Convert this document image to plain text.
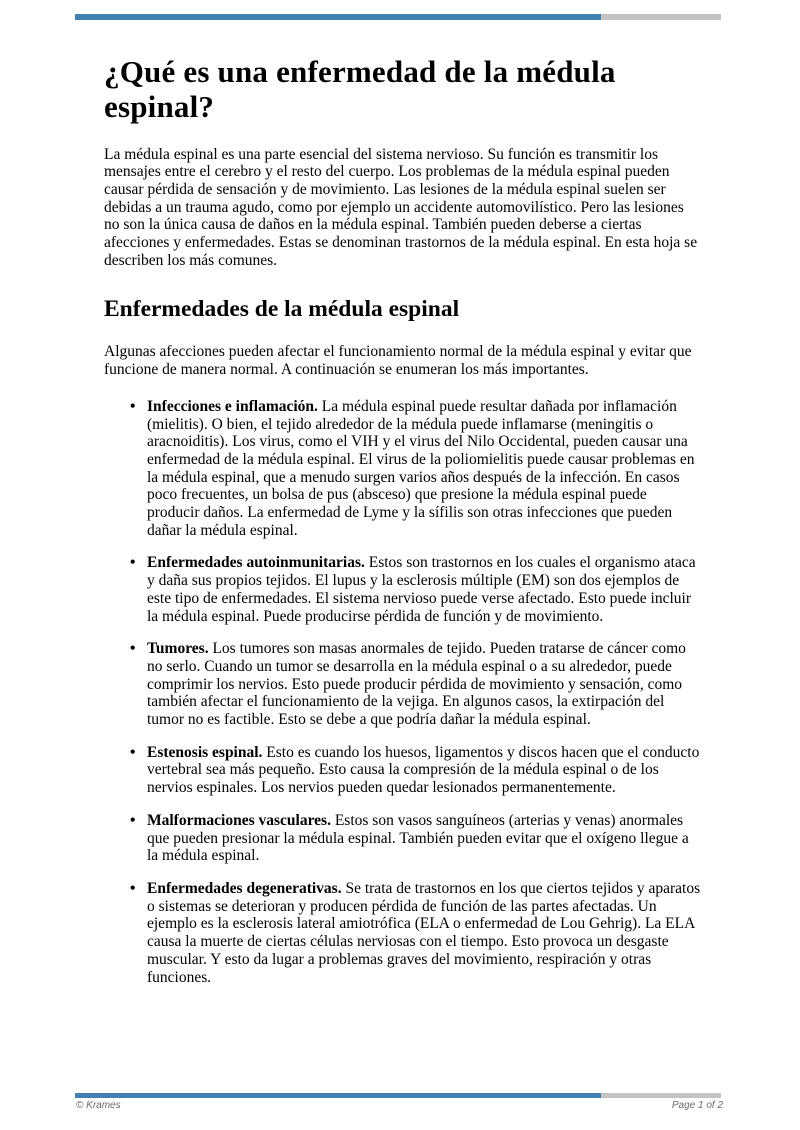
¿Qué es una enfermedad de la médula espinal?

La médula espinal es una parte esencial del sistema nervioso. Su función es transmitir los mensajes entre el cerebro y el resto del cuerpo. Los problemas de la médula espinal pueden causar pérdida de sensación y de movimiento. Las lesiones de la médula espinal suelen ser debidas a un trauma agudo, como por ejemplo un accidente automovilístico. Pero las lesiones no son la única causa de daños en la médula espinal. También pueden deberse a ciertas afecciones y enfermedades. Estas se denominan trastornos de la médula espinal. En esta hoja se describen los más comunes.

Enfermedades de la médula espinal

Algunas afecciones pueden afectar el funcionamiento normal de la médula espinal y evitar que funcione de manera normal. A continuación se enumeran los más importantes.

•
Infecciones e inflamación. La médula espinal puede resultar dañada por inflamación (mielitis). O bien, el tejido alrededor de la médula puede inflamarse (meningitis o aracnoiditis). Los virus, como el VIH y el virus del Nilo Occidental, pueden causar una enfermedad de la médula espinal. El virus de la poliomielitis puede causar problemas en la médula espinal, que a menudo surgen varios años después de la infección. En casos poco frecuentes, un bolsa de pus (absceso) que presione la médula espinal puede producir daños. La enfermedad de Lyme y la sífilis son otras infecciones que pueden dañar la médula espinal.
•
Enfermedades autoinmunitarias. Estos son trastornos en los cuales el organismo ataca y daña sus propios tejidos. El lupus y la esclerosis múltiple (EM) son dos ejemplos de este tipo de enfermedades. El sistema nervioso puede verse afectado. Esto puede incluir la médula espinal. Puede producirse pérdida de función y de movimiento.
•
Tumores. Los tumores son masas anormales de tejido. Pueden tratarse de cáncer como no serlo. Cuando un tumor se desarrolla en la médula espinal o a su alrededor, puede comprimir los nervios. Esto puede producir pérdida de movimiento y sensación, como también afectar el funcionamiento de la vejiga. En algunos casos, la extirpación del tumor no es factible. Esto se debe a que podría dañar la médula espinal.
•
Estenosis espinal. Esto es cuando los huesos, ligamentos y discos hacen que el conducto vertebral sea más pequeño. Esto causa la compresión de la médula espinal o de los nervios espinales. Los nervios pueden quedar lesionados permanentemente.
•
Malformaciones vasculares. Estos son vasos sanguíneos (arterias y venas) anormales que pueden presionar la médula espinal. También pueden evitar que el oxígeno llegue a la médula espinal.
•
Enfermedades degenerativas. Se trata de trastornos en los que ciertos tejidos y aparatos o sistemas se deterioran y producen pérdida de función de las partes afectadas. Un ejemplo es la esclerosis lateral amiotrófica (ELA o enfermedad de Lou Gehrig). La ELA causa la muerte de ciertas células nerviosas con el tiempo. Esto provoca un desgaste muscular. Y esto da lugar a problemas graves del movimiento, respiración y otras funciones.
© Krames	Page 1 of 2
